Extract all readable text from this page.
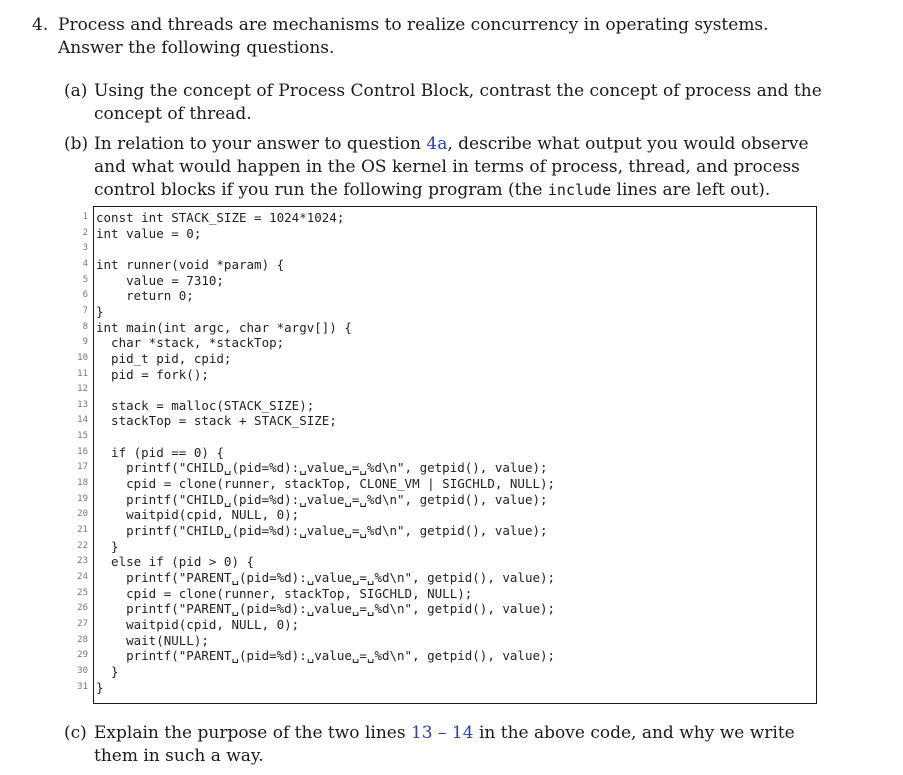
4. Process and threads are mechanisms to realize concurrency in operating systems. Answer the following questions.
(a) Using the concept of Process Control Block, contrast the concept of process and the concept of thread.
(b) In relation to your answer to question 4a, describe what output you would observe and what would happen in the OS kernel in terms of process, thread, and process control blocks if you run the following program (the include lines are left out).
1 const int STACK_SIZE = 1024*1024;
2 int value = 0;
3
4 int runner(void *param) {
5 value = 7310;
6 return 0;
7 }
8 int main(int argc, char *argv[]) {
9 char *stack, *stackTop;
10 pid_t pid, cpid;
11 pid = fork();
12
13 stack = malloc(STACK_SIZE);
14 stackTop = stack + STACK_SIZE;
15
16 if (pid == 0) {
17 printf("CHILD␣(pid=%d):␣value␣=␣%d\n", getpid(), value);
18 cpid = clone(runner, stackTop, CLONE_VM | SIGCHLD, NULL);
19 printf("CHILD␣(pid=%d):␣value␣=␣%d\n", getpid(), value);
20 waitpid(cpid, NULL, 0);
21 printf("CHILD␣(pid=%d):␣value␣=␣%d\n", getpid(), value);
22 }
23 else if (pid > 0) {
24 printf("PARENT␣(pid=%d):␣value␣=␣%d\n", getpid(), value);
25 cpid = clone(runner, stackTop, SIGCHLD, NULL);
26 printf("PARENT␣(pid=%d):␣value␣=␣%d\n", getpid(), value);
27 waitpid(cpid, NULL, 0);
28 wait(NULL);
29 printf("PARENT␣(pid=%d):␣value␣=␣%d\n", getpid(), value);
30 }
31 }
(c) Explain the purpose of the two lines 13 – 14 in the above code, and why we write them in such a way.
